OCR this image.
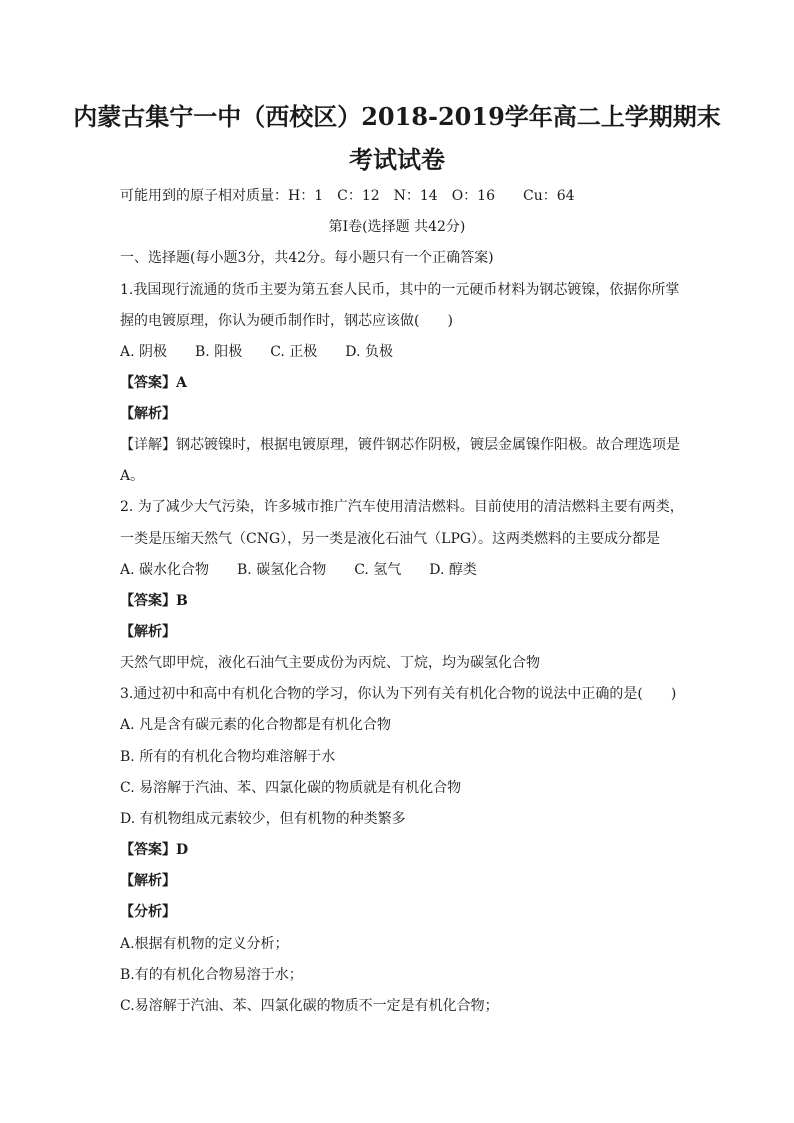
内蒙古集宁一中（西校区）2018-2019学年高二上学期期末
考试试卷

可能用到的原子相对质量：H：1　C：12　N：14　O：16　　Cu：64

第Ⅰ卷(选择题 共42分)

一、选择题(每小题3分，共42分。每小题只有一个正确答案)

1.我国现行流通的货币主要为第五套人民币，其中的一元硬币材料为钢芯镀镍，依据你所掌

握的电镀原理，你认为硬币制作时，钢芯应该做(　　)

A. 阴极　　B. 阳极　　C. 正极　　D. 负极

【答案】A

【解析】

【详解】钢芯镀镍时，根据电镀原理，镀件钢芯作阴极，镀层金属镍作阳极。故合理选项是

A。

2. 为了减少大气污染，许多城市推广汽车使用清洁燃料。目前使用的清洁燃料主要有两类，

一类是压缩天然气（CNG），另一类是液化石油气（LPG）。这两类燃料的主要成分都是

A. 碳水化合物　　B. 碳氢化合物　　C. 氢气　　D. 醇类

【答案】B

【解析】

天然气即甲烷，液化石油气主要成份为丙烷、丁烷，均为碳氢化合物

3.通过初中和高中有机化合物的学习，你认为下列有关有机化合物的说法中正确的是(　　)

A. 凡是含有碳元素的化合物都是有机化合物

B. 所有的有机化合物均难溶解于水

C. 易溶解于汽油、苯、四氯化碳的物质就是有机化合物

D. 有机物组成元素较少，但有机物的种类繁多

【答案】D

【解析】

【分析】

A.根据有机物的定义分析；

B.有的有机化合物易溶于水；

C.易溶解于汽油、苯、四氯化碳的物质不一定是有机化合物；
